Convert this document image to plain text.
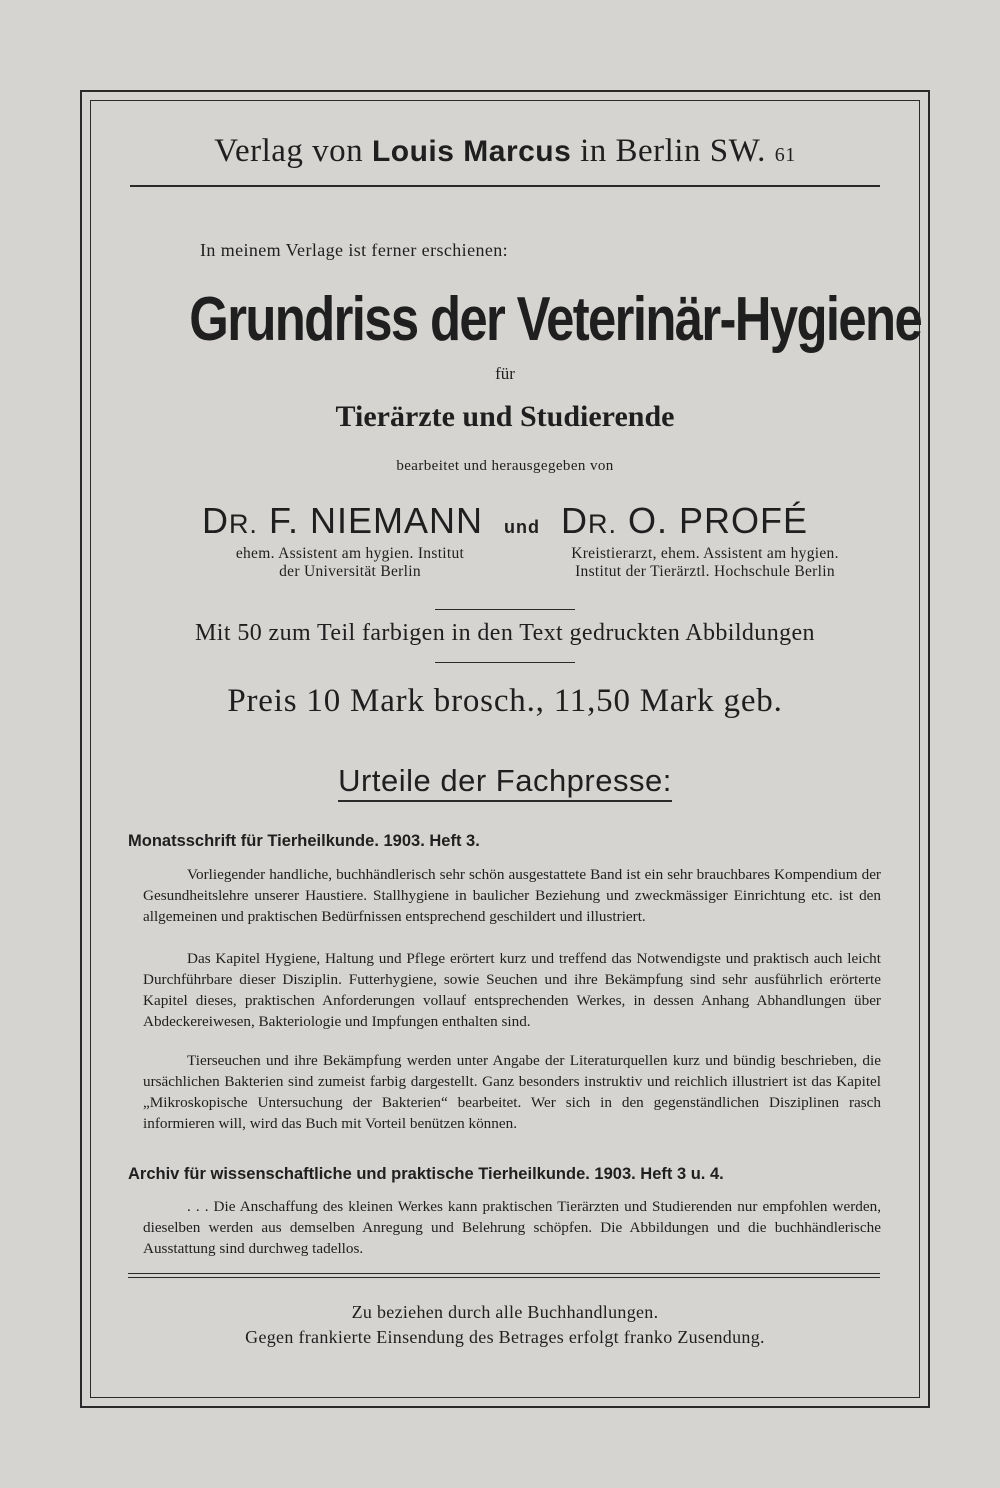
Verlag von Louis Marcus in Berlin SW. 61
In meinem Verlage ist ferner erschienen:
Grundriss der Veterinär-Hygiene
für
Tierärzte und Studierende
bearbeitet und herausgegeben von
DR. F. NIEMANN und DR. O. PROFÉ
ehem. Assistent am hygien. Institut
der Universität Berlin
Kreistierarzt, ehem. Assistent am hygien.
Institut der Tierärztl. Hochschule Berlin
Mit 50 zum Teil farbigen in den Text gedruckten Abbildungen
Preis 10 Mark brosch., 11,50 Mark geb.
Urteile der Fachpresse:
Monatsschrift für Tierheilkunde. 1903. Heft 3.
Vorliegender handliche, buchhändlerisch sehr schön ausgestattete Band ist ein sehr brauchbares Kompendium der Gesundheitslehre unserer Haustiere. Stallhygiene in baulicher Beziehung und zweckmässiger Einrichtung etc. ist den allgemeinen und praktischen Bedürfnissen entsprechend geschildert und illustriert.
Das Kapitel Hygiene, Haltung und Pflege erörtert kurz und treffend das Notwendigste und praktisch auch leicht Durchführbare dieser Disziplin. Futterhygiene, sowie Seuchen und ihre Bekämpfung sind sehr ausführlich erörterte Kapitel dieses, praktischen Anforderungen vollauf entsprechenden Werkes, in dessen Anhang Abhandlungen über Abdeckereiwesen, Bakteriologie und Impfungen enthalten sind.
Tierseuchen und ihre Bekämpfung werden unter Angabe der Literaturquellen kurz und bündig beschrieben, die ursächlichen Bakterien sind zumeist farbig dargestellt. Ganz besonders instruktiv und reichlich illustriert ist das Kapitel „Mikroskopische Untersuchung der Bakterien“ bearbeitet. Wer sich in den gegenständlichen Disziplinen rasch informieren will, wird das Buch mit Vorteil benützen können.
Archiv für wissenschaftliche und praktische Tierheilkunde. 1903. Heft 3 u. 4.
. . . Die Anschaffung des kleinen Werkes kann praktischen Tierärzten und Studierenden nur empfohlen werden, dieselben werden aus demselben Anregung und Belehrung schöpfen. Die Abbildungen und die buchhändlerische Ausstattung sind durchweg tadellos.
Zu beziehen durch alle Buchhandlungen.
Gegen frankierte Einsendung des Betrages erfolgt franko Zusendung.
